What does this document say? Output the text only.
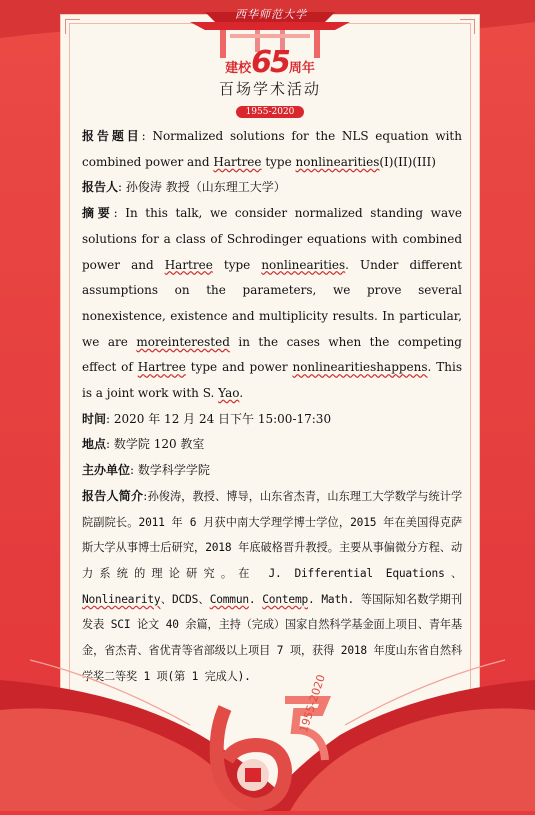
西华师范大学
建校65周年
百场学术活动
1955-2020

报告题目: Normalized solutions for the NLS equation with combined power and Hartree type nonlinearities(I)(II)(III)

报告人: 孙俊涛 教授（山东理工大学）

摘要: In this talk, we consider normalized standing wave solutions for a class of Schrodinger equations with combined power and Hartree type nonlinearities. Under different assumptions on the parameters, we prove several nonexistence, existence and multiplicity results. In particular, we are moreinterested in the cases when the competing effect of Hartree type and power nonlinearitieshappens. This is a joint work with S. Yao.

时间: 2020 年 12 月 24 日下午 15:00-17:30

地点: 数学院 120 教室

主办单位: 数学科学学院

报告人简介:孙俊涛，教授、博导，山东省杰青，山东理工大学数学与统计学院副院长。2011 年 6 月获中南大学理学博士学位，2015 年在美国得克萨斯大学从事博士后研究，2018 年底破格晋升教授。主要从事偏微分方程、动力系统的理论研究。在 J. Differential Equations、Nonlinearity、DCDS、Commun. Contemp. Math. 等国际知名数学期刊发表 SCI 论文 40 余篇，主持（完成）国家自然科学基金面上项目、青年基金，省杰青、省优青等省部级以上项目 7 项，获得 2018 年度山东省自然科学奖二等奖 1 项(第 1 完成人).	1955-2020
